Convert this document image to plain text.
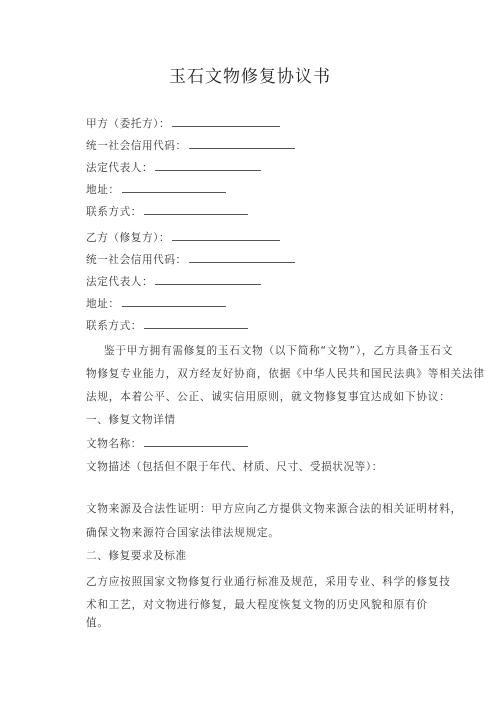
玉石文物修复协议书
甲方（委托方）：
统一社会信用代码：
法定代表人：
地址：
联系方式：
乙方（修复方）：
统一社会信用代码：
法定代表人：
地址：
联系方式：
鉴于甲方拥有需修复的玉石文物（以下简称“文物”），乙方具备玉石文
物修复专业能力，双方经友好协商，依据《中华人民共和国民法典》等相关法律
法规，本着公平、公正、诚实信用原则，就文物修复事宜达成如下协议：
一、修复文物详情
文物名称：
文物描述（包括但不限于年代、材质、尺寸、受损状况等）：
文物来源及合法性证明：甲方应向乙方提供文物来源合法的相关证明材料，
确保文物来源符合国家法律法规规定。
二、修复要求及标准
乙方应按照国家文物修复行业通行标准及规范，采用专业、科学的修复技
术和工艺，对文物进行修复，最大程度恢复文物的历史风貌和原有价
值。
